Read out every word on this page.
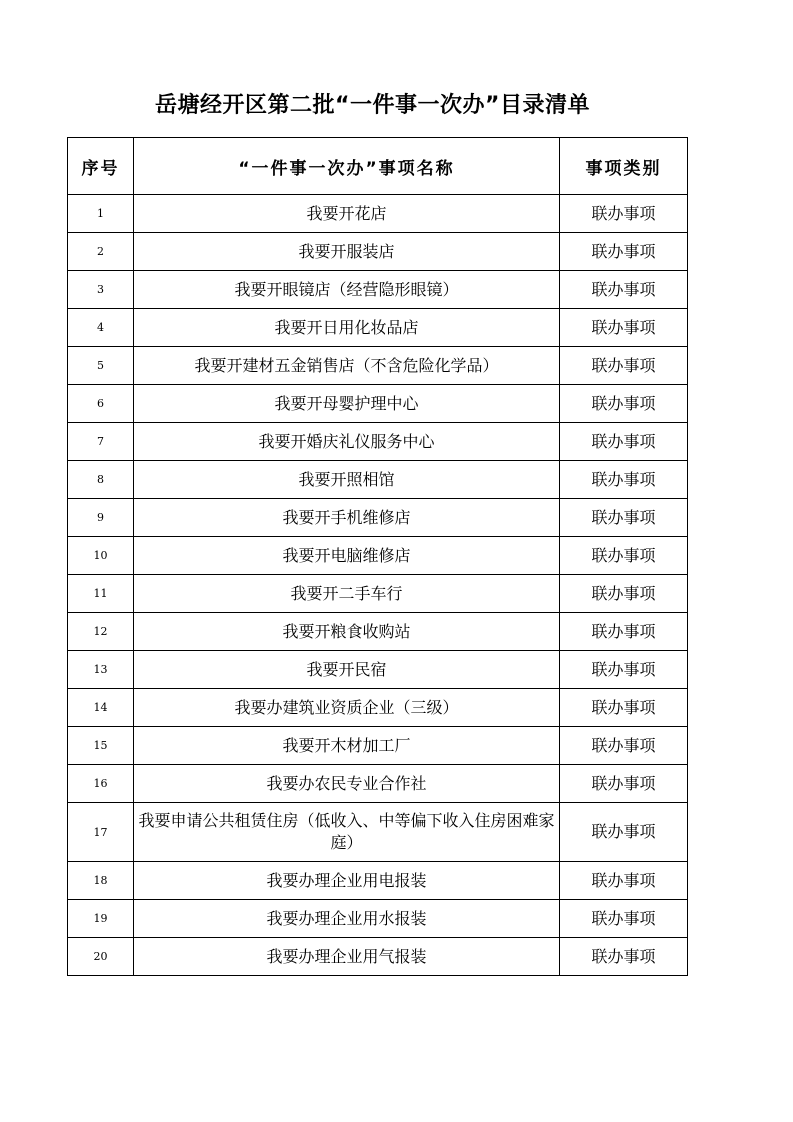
岳塘经开区第二批“一件事一次办”目录清单
序号	“一件事一次办”事项名称	事项类别
1	我要开花店	联办事项
2	我要开服装店	联办事项
3	我要开眼镜店（经营隐形眼镜）	联办事项
4	我要开日用化妆品店	联办事项
5	我要开建材五金销售店（不含危险化学品）	联办事项
6	我要开母婴护理中心	联办事项
7	我要开婚庆礼仪服务中心	联办事项
8	我要开照相馆	联办事项
9	我要开手机维修店	联办事项
10	我要开电脑维修店	联办事项
11	我要开二手车行	联办事项
12	我要开粮食收购站	联办事项
13	我要开民宿	联办事项
14	我要办建筑业资质企业（三级）	联办事项
15	我要开木材加工厂	联办事项
16	我要办农民专业合作社	联办事项
17	我要申请公共租赁住房（低收入、中等偏下收入住房困难家庭）	联办事项
18	我要办理企业用电报装	联办事项
19	我要办理企业用水报装	联办事项
20	我要办理企业用气报装	联办事项
